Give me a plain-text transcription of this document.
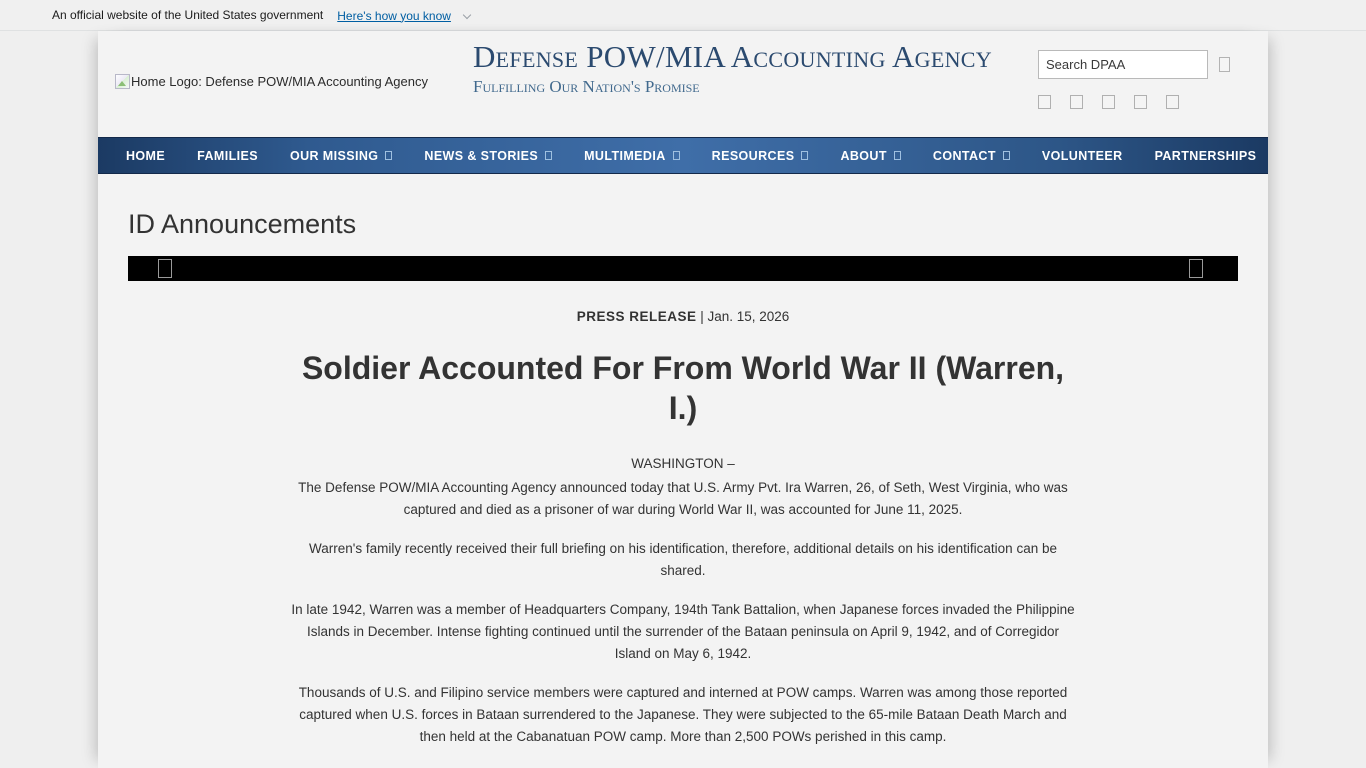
An official website of the United States government	Here's how you know
Home Logo: Defense POW/MIA Accounting Agency
Defense POW/MIA Accounting Agency

Fulfilling Our Nation's Promise

Search DPAA
HOME	FAMILIES	OUR MISSING	NEWS & STORIES	MULTIMEDIA	RESOURCES	ABOUT	CONTACT	VOLUNTEER	PARTNERSHIPS
ID Announcements
PRESS RELEASE | Jan. 15, 2026
Soldier Accounted For From World War II (Warren, I.)

WASHINGTON –

The Defense POW/MIA Accounting Agency announced today that U.S. Army Pvt. Ira Warren, 26, of Seth, West Virginia, who was captured and died as a prisoner of war during World War II, was accounted for June 11, 2025.

Warren's family recently received their full briefing on his identification, therefore, additional details on his identification can be shared.

In late 1942, Warren was a member of Headquarters Company, 194th Tank Battalion, when Japanese forces invaded the Philippine Islands in December. Intense fighting continued until the surrender of the Bataan peninsula on April 9, 1942, and of Corregidor Island on May 6, 1942.

Thousands of U.S. and Filipino service members were captured and interned at POW camps. Warren was among those reported captured when U.S. forces in Bataan surrendered to the Japanese. They were subjected to the 65-mile Bataan Death March and then held at the Cabanatuan POW camp. More than 2,500 POWs perished in this camp.
